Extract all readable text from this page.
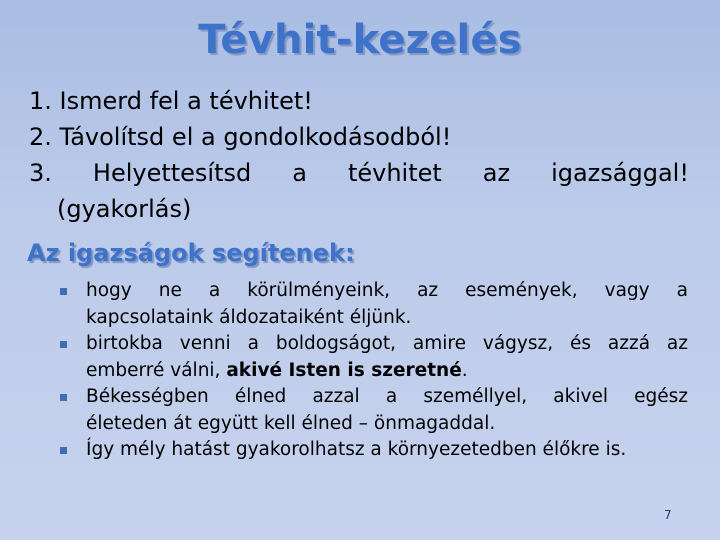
Tévhit-kezelés
1. Ismerd fel a tévhitet!
2. Távolítsd el a gondolkodásodból!
3. Helyettesítsd a tévhitet az igazsággal!
(gyakorlás)
Az igazságok segítenek:
hogy ne a körülményeink, az események, vagy a
kapcsolataink áldozataiként éljünk.
birtokba venni a boldogságot, amire vágysz, és azzá az
emberré válni, akivé Isten is szeretné.
Békességben élned azzal a személlyel, akivel egész
életeden át együtt kell élned – önmagaddal.
Így mély hatást gyakorolhatsz a környezetedben élőkre is.
7
